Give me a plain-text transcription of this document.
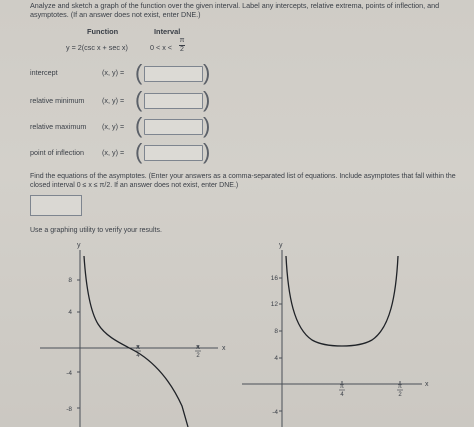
Analyze and sketch a graph of the function over the given interval. Label any intercepts, relative extrema, points of inflection, and asymptotes. (If an answer does not exist, enter DNE.)
Function	Interval
y = 2(csc x + sec x)	0 < x <
π
2
intercept	(x, y) = (	)
relative minimum (x, y) = (	)
relative maximum (x, y) = (	)
point of inflection	(x, y) = (	)
Find the equations of the asymptotes. (Enter your answers as a comma-separated list of equations. Include asymptotes that fall within the closed interval 0 ≤ x ≤ π/2. If an answer does not exist, enter DNE.)
Use a graphing utility to verify your results.
y
x
8
4
-4
-8
π
4
π
2
y
x
16
12
8
4
-4
π
4
π
2
